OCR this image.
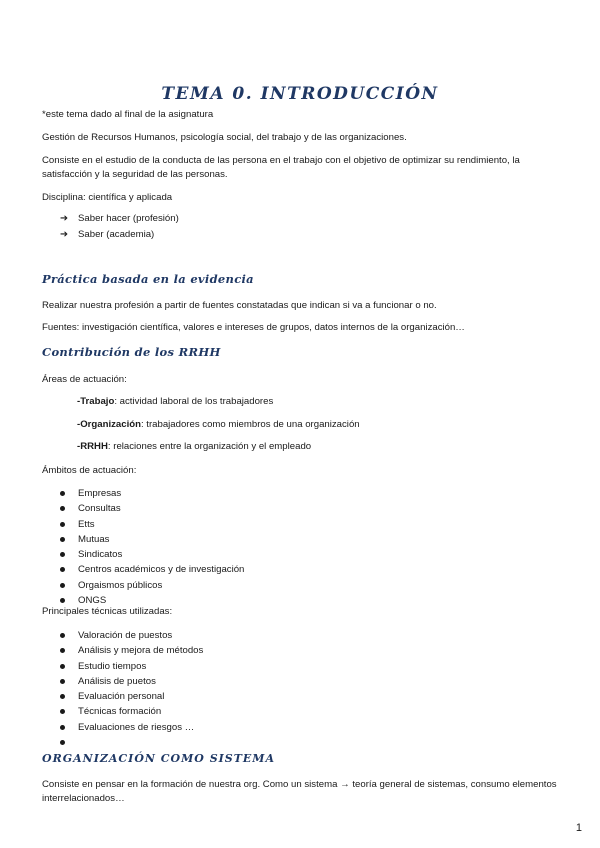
TEMA 0. INTRODUCCIÓN
*este tema dado al final de la asignatura
Gestión de Recursos Humanos, psicología social, del trabajo y de las organizaciones.
Consiste en el estudio de la conducta de las persona en el trabajo con el objetivo de optimizar su rendimiento, la satisfacción y la seguridad de las personas.
Disciplina: científica y aplicada
➔ Saber hacer (profesión)
➔ Saber (academia)
Práctica basada en la evidencia
Realizar nuestra profesión a partir de fuentes constatadas que indican si va a funcionar o no.
Fuentes: investigación científica, valores e intereses de grupos, datos internos de la organización…
Contribución de los RRHH
Áreas de actuación:
-Trabajo: actividad laboral de los trabajadores
-Organización: trabajadores como miembros de una organización
-RRHH: relaciones entre la organización y el empleado
Ámbitos de actuación:
Empresas
Consultas
Etts
Mutuas
Sindicatos
Centros académicos y de investigación
Orgaismos públicos
ONGS
Principales técnicas utilizadas:
Valoración de puestos
Análisis y mejora de métodos
Estudio tiempos
Análisis de puetos
Evaluación personal
Técnicas formación
Evaluaciones de riesgos …
ORGANIZACIÓN COMO SISTEMA
Consiste en pensar en la formación de nuestra org. Como un sistema → teoría general de sistemas, consumo elementos interrelacionados…
1
